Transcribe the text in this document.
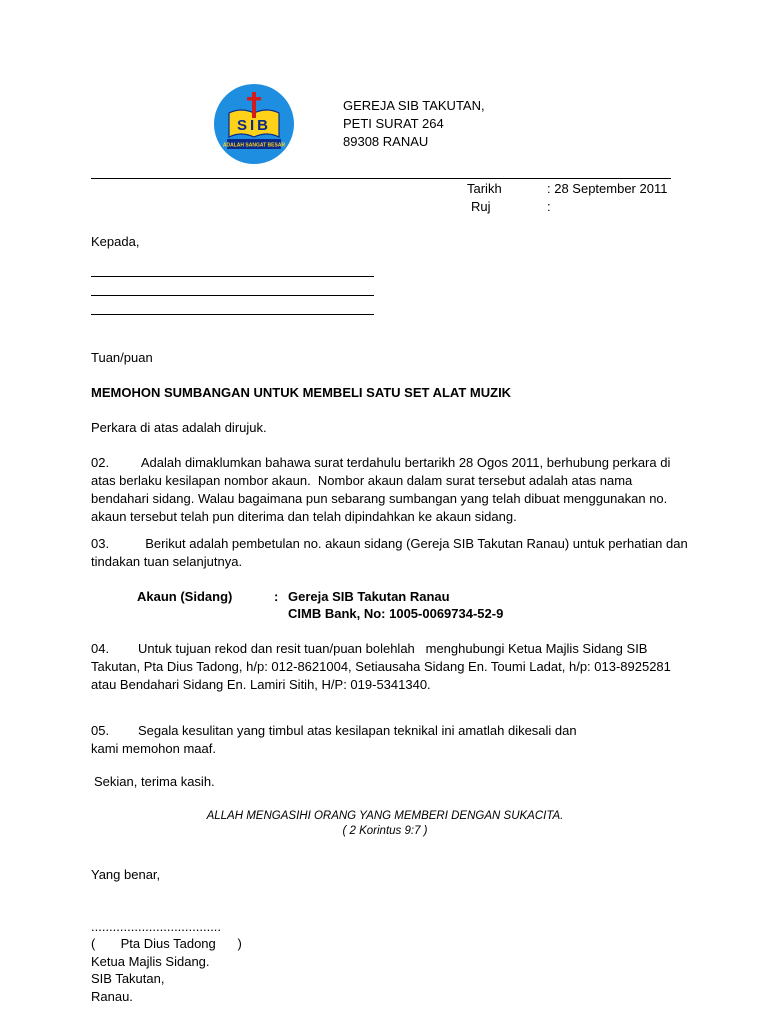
SIB
ADALAH SANGAT BESAR
GEREJA SIB TAKUTAN,
PETI SURAT 264
89308 RANAU
Tarikh	: 28 September 2011
Ruj	:
Kepada,
Tuan/puan
MEMOHON SUMBANGAN UNTUK MEMBELI SATU SET ALAT MUZIK
Perkara di atas adalah dirujuk.
02.         Adalah dimaklumkan bahawa surat terdahulu bertarikh 28 Ogos 2011, berhubung perkara di
atas berlaku kesilapan nombor akaun.  Nombor akaun dalam surat tersebut adalah atas nama
bendahari sidang. Walau bagaimana pun sebarang sumbangan yang telah dibuat menggunakan no.
akaun tersebut telah pun diterima dan telah dipindahkan ke akaun sidang.
03.          Berikut adalah pembetulan no. akaun sidang (Gereja SIB Takutan Ranau) untuk perhatian dan
tindakan tuan selanjutnya.
Akaun (Sidang)	: Gereja SIB Takutan Ranau
CIMB Bank, No: 1005-0069734-52-9
04.        Untuk tujuan rekod dan resit tuan/puan bolehlah   menghubungi Ketua Majlis Sidang SIB
Takutan, Pta Dius Tadong, h/p: 012-8621004, Setiausaha Sidang En. Toumi Ladat, h/p: 013-8925281
atau Bendahari Sidang En. Lamiri Sitih, H/P: 019-5341340.
05.        Segala kesulitan yang timbul atas kesilapan teknikal ini amatlah dikesali dan
kami memohon maaf.
Sekian, terima kasih.
ALLAH MENGASIHI ORANG YANG MEMBERI DENGAN SUKACITA.
( 2 Korintus 9:7 )
Yang benar,
....................................
(       Pta Dius Tadong      )
Ketua Majlis Sidang.
SIB Takutan,
Ranau.
